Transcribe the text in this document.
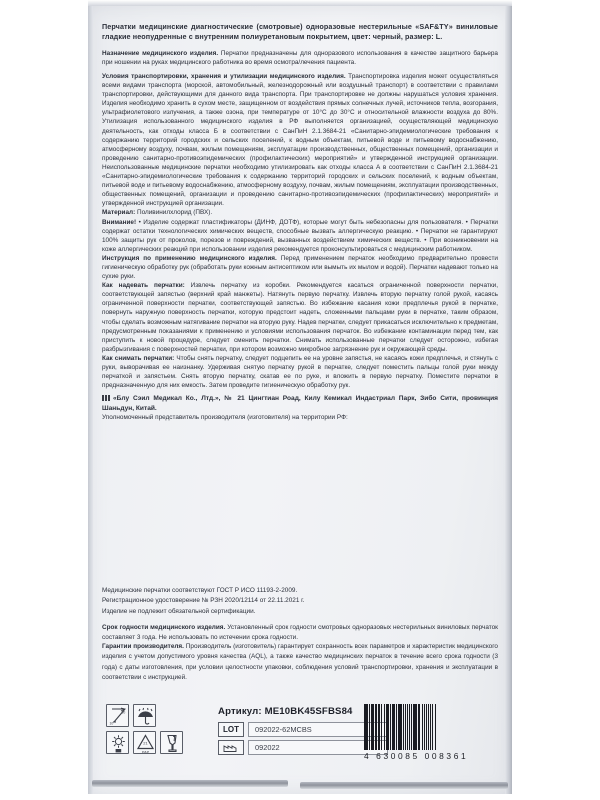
Перчатки медицинские диагностические (смотровые) одноразовые нестерильные «SAF&TY» виниловые гладкие неопудренные с внутренним полиуретановым покрытием, цвет: черный, размер: L.

Назначение медицинского изделия. Перчатки предназначены для одноразового использования в качестве защитного барьера при ношении на руках медицинского работника во время осмотра/лечения пациента.

Условия транспортировки, хранения и утилизации медицинского изделия. Транспортировка изделия может осуществляться всеми видами транспорта (морской, автомобильный, железнодорожный или воздушный транспорт) в соответствии с правилами транспортировки, действующими для данного вида транспорта. При транспортировке не должны нарушаться условия хранения. Изделия необходимо хранить в сухом месте, защищенном от воздействия прямых солнечных лучей, источников тепла, возгорания, ультрафиолетового излучения, а также озона, при температуре от 10°C до 30°C и относительной влажности воздуха до 80%. Утилизация использованного медицинского изделия в РФ выполняется организацией, осуществляющей медицинскую деятельность, как отходы класса Б в соответствии с СанПиН 2.1.3684-21 «Санитарно-эпидемиологические требования к содержанию территорий городских и сельских поселений, к водным объектам, питьевой воде и питьевому водоснабжению, атмосферному воздуху, почвам, жилым помещениям, эксплуатации производственных, общественных помещений, организации и проведению санитарно-противоэпидемических (профилактических) мероприятий» и утвержденной инструкцией организации. Неиспользованные медицинские перчатки необходимо утилизировать как отходы класса А в соответствии с СанПиН 2.1.3684-21 «Санитарно-эпидемиологические требования к содержанию территорий городских и сельских поселений, к водным объектам, питьевой воде и питьевому водоснабжению, атмосферному воздуху, почвам, жилым помещениям, эксплуатации производственных, общественных помещений, организации и проведению санитарно-противоэпидемических (профилактических) мероприятий» и утвержденной инструкцией организации.

Материал: Поливинилхлорид (ПВХ).

Внимание! • Изделие содержат пластификаторы (ДИНФ, ДОТФ), которые могут быть небезопасны для пользователя. • Перчатки содержат остатки технологических химических веществ, способные вызвать аллергическую реакцию. • Перчатки не гарантируют 100% защиты рук от проколов, порезов и повреждений, вызванных воздействием химических веществ. • При возникновении на коже аллергических реакций при использовании изделия рекомендуется проконсультироваться с медицинским работником.

Инструкция по применению медицинского изделия. Перед применением перчаток необходимо предварительно провести гигиеническую обработку рук (обработать руки кожным антисептиком или вымыть их мылом и водой). Перчатки надевают только на сухие руки.

Как надевать перчатки: Извлечь перчатку из коробки. Рекомендуется касаться ограниченной поверхности перчатки, соответствующей запястью (верхний край манжеты). Натянуть первую перчатку. Извлечь вторую перчатку голой рукой, касаясь ограниченной поверхности перчатки, соответствующей запястью. Во избежание касания кожи предплечья рукой в перчатке, повернуть наружную поверхность перчатки, которую предстоит надеть, сложенными пальцами руки в перчатке, таким образом, чтобы сделать возможным натягивание перчатки на вторую руку. Надев перчатки, следует прикасаться исключительно к предметам, предусмотренным показаниями к применению и условиями использования перчаток. Во избежание контаминации перед тем, как приступить к новой процедуре, следует сменить перчатки. Снимать использованные перчатки следует осторожно, избегая разбрызгивания с поверхностей перчатки, при котором возможно микробное загрязнение рук и окружающей среды.

Как снимать перчатки: Чтобы снять перчатку, следует подцепить ее на уровне запястья, не касаясь кожи предплечья, и стянуть с руки, выворачивая ее наизнанку. Удерживая снятую перчатку рукой в перчатке, следует поместить пальцы голой руки между перчаткой и запястьем. Снять вторую перчатку, скатав ее по руке, и вложить в первую перчатку. Поместите перчатки в предназначенную для них емкость. Затем проведите гигиеническую обработку рук.

«Блу Сэил Медикал Ко., Лтд.», № 21 Цингтиан Роад, Килу Кемикал Индастриал Парк, Зибо Сити, провинция Шаньдун, Китай.

Уполномоченный представитель производителя (изготовителя) на территории РФ:

Медицинские перчатки соответствуют ГОСТ Р ИСО 11193-2-2009.

Регистрационное удостоверение № РЗН 2020/12114 от 22.11.2021 г.

Изделие не подлежит обязательной сертификации.

Срок годности медицинского изделия. Установленный срок годности смотровых одноразовых нестерильных виниловых перчаток составляет 3 года. Не использовать по истечении срока годности.

Гарантии производителя. Производитель (изготовитель) гарантирует сохранность всех параметров и характеристик медицинского изделия с учетом допустимого уровня качества (AQL), а также качество медицинских перчаток в течение всего срока годности (3 года) с даты изготовления, при условии целостности упаковки, соблюдения условий транспортировки, хранения и эксплуатации в соответствии с инструкцией.

30
10
21
PAP
Артикул: ME10BK45SFBS84
LOT	092022-62MCBS
092022
4 630085 008361
